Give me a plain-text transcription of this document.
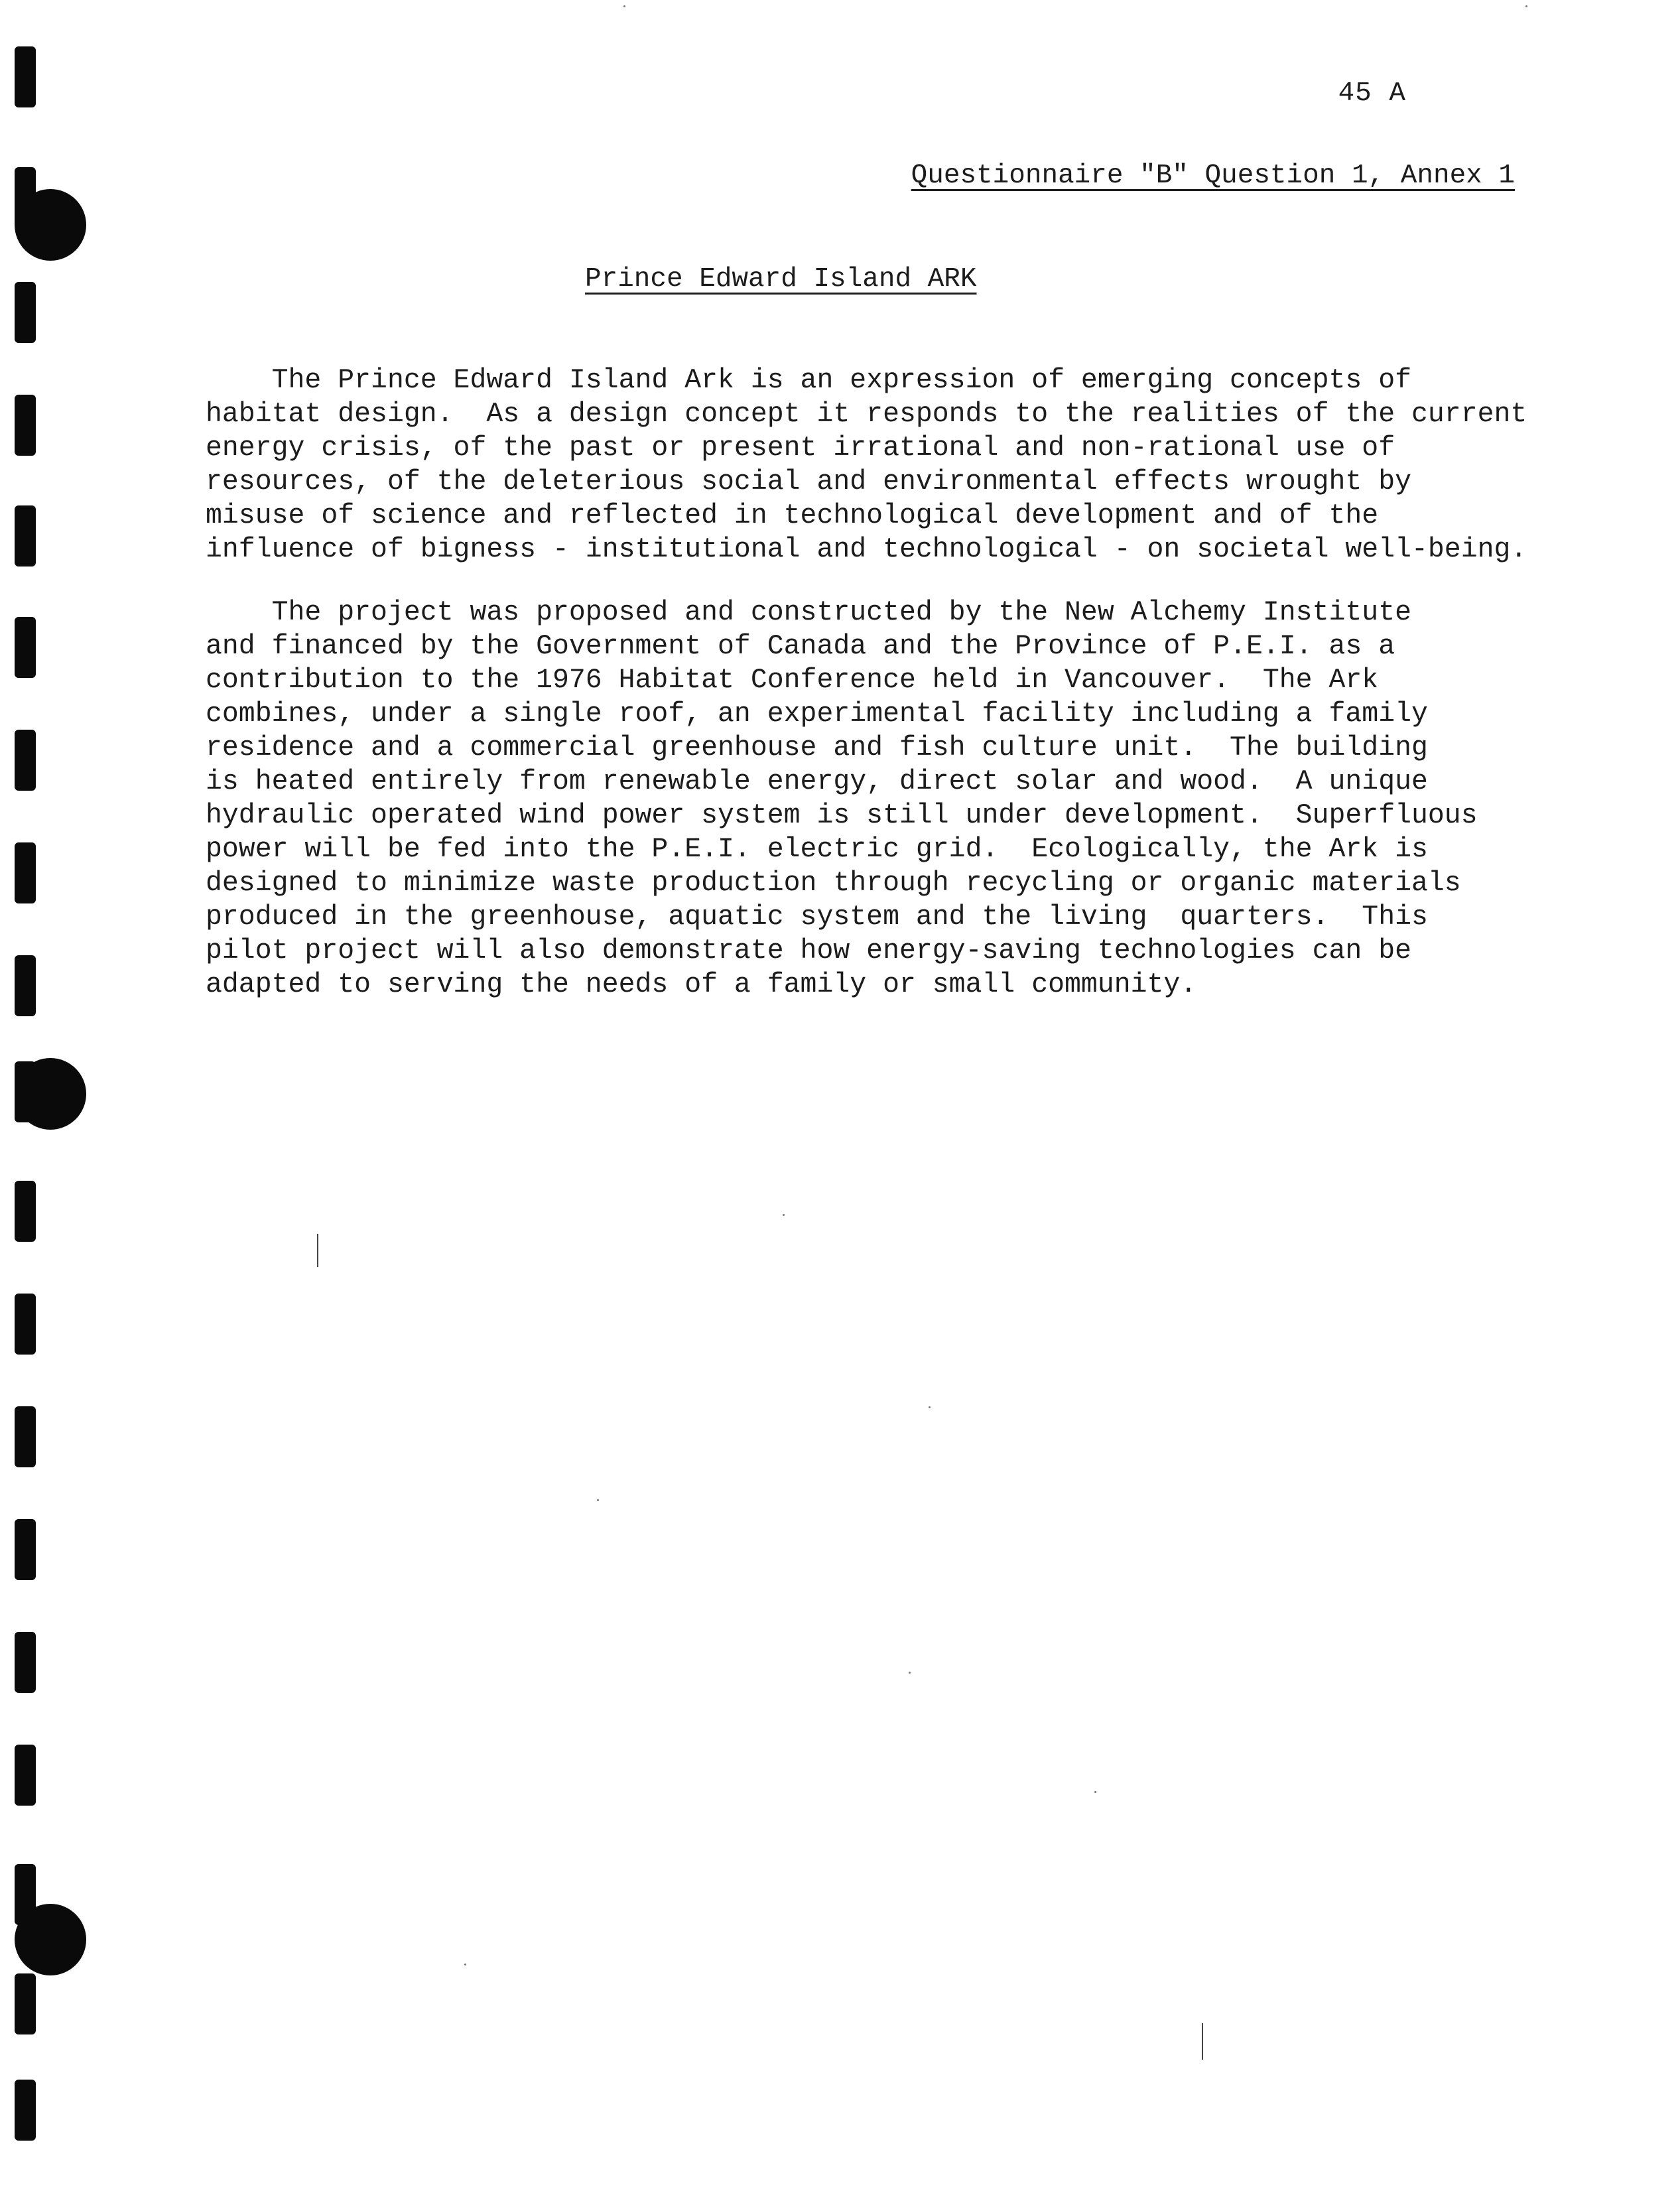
45 A
Questionnaire "B" Question 1, Annex 1
Prince Edward Island ARK
The Prince Edward Island Ark is an expression of emerging concepts of
habitat design.  As a design concept it responds to the realities of the current
energy crisis, of the past or present irrational and non-rational use of
resources, of the deleterious social and environmental effects wrought by
misuse of science and reflected in technological development and of the
influence of bigness - institutional and technological - on societal well-being.
The project was proposed and constructed by the New Alchemy Institute
and financed by the Government of Canada and the Province of P.E.I. as a
contribution to the 1976 Habitat Conference held in Vancouver.  The Ark
combines, under a single roof, an experimental facility including a family
residence and a commercial greenhouse and fish culture unit.  The building
is heated entirely from renewable energy, direct solar and wood.  A unique
hydraulic operated wind power system is still under development.  Superfluous
power will be fed into the P.E.I. electric grid.  Ecologically, the Ark is
designed to minimize waste production through recycling or organic materials
produced in the greenhouse, aquatic system and the living  quarters.  This
pilot project will also demonstrate how energy-saving technologies can be
adapted to serving the needs of a family or small community.
